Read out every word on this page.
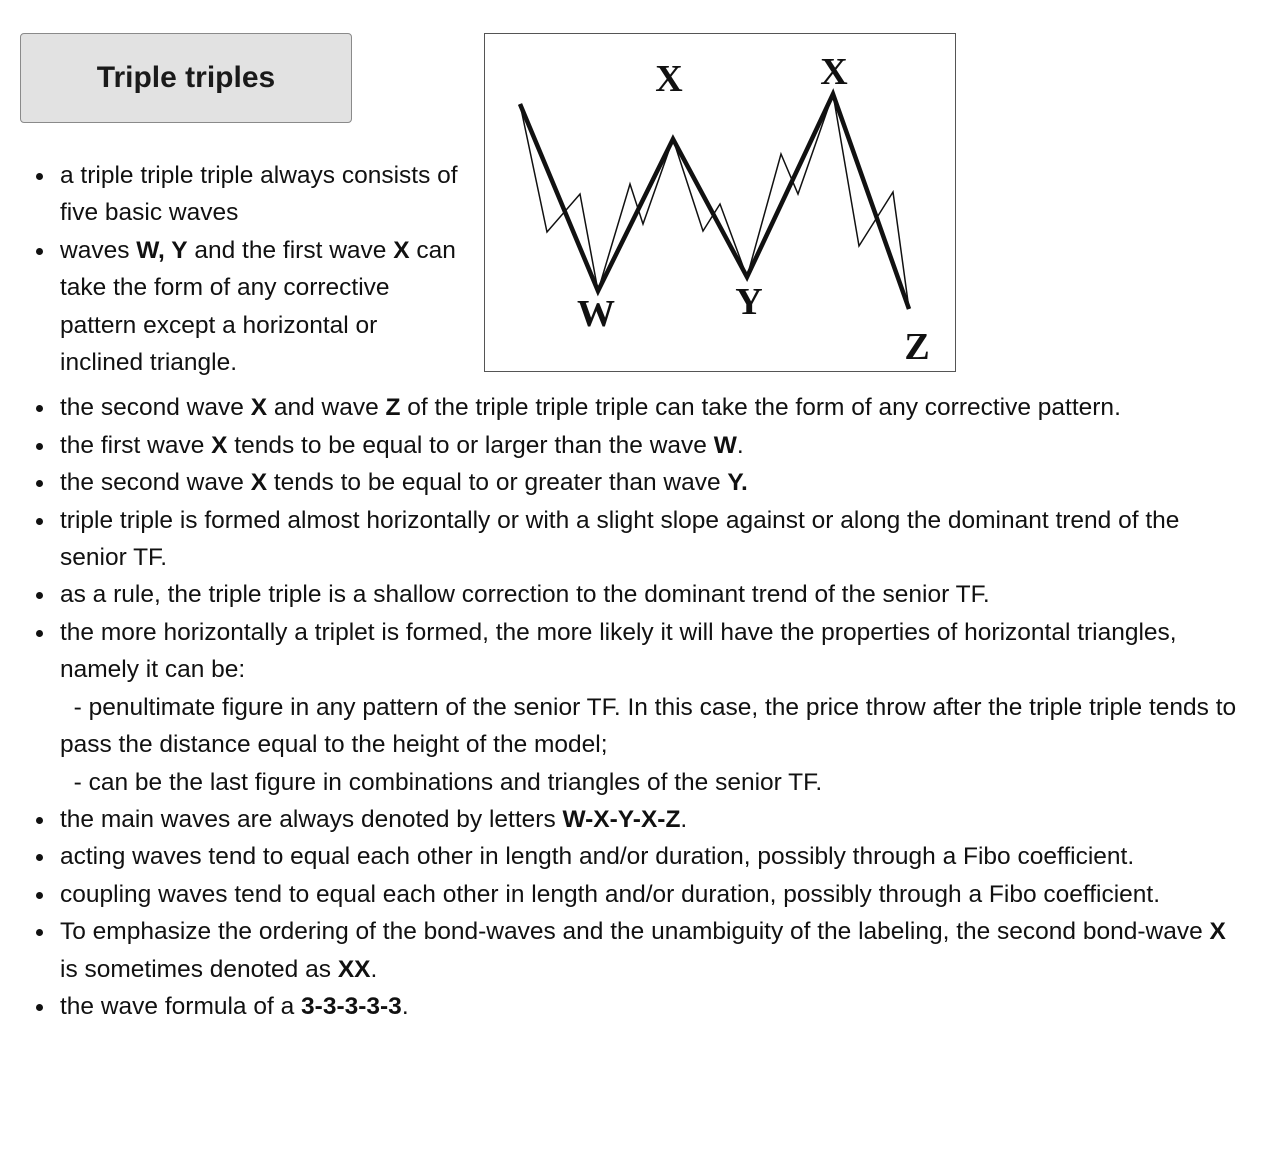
Triple triples	X	X
W	Y
Z
a triple triple triple always consists of five basic waves
waves W, Y and the first wave X can take the form of any corrective pattern except a horizontal or inclined triangle.
the second wave X and wave Z of the triple triple triple can take the form of any corrective pattern.
the first wave X tends to be equal to or larger than the wave W.
the second wave X tends to be equal to or greater than wave Y.
triple triple is formed almost horizontally or with a slight slope against or along the dominant trend of the senior TF.
as a rule, the triple triple is a shallow correction to the dominant trend of the senior TF.
the more horizontally a triplet is formed, the more likely it will have the properties of horizontal triangles, namely it can be:
- penultimate figure in any pattern of the senior TF. In this case, the price throw after the triple triple tends to pass the distance equal to the height of the model;
- can be the last figure in combinations and triangles of the senior TF.
the main waves are always denoted by letters W-X-Y-X-Z.
acting waves tend to equal each other in length and/or duration, possibly through a Fibo coefficient.
coupling waves tend to equal each other in length and/or duration, possibly through a Fibo coefficient.
To emphasize the ordering of the bond-waves and the unambiguity of the labeling, the second bond-wave X is sometimes denoted as XX.
the wave formula of a 3-3-3-3-3.
